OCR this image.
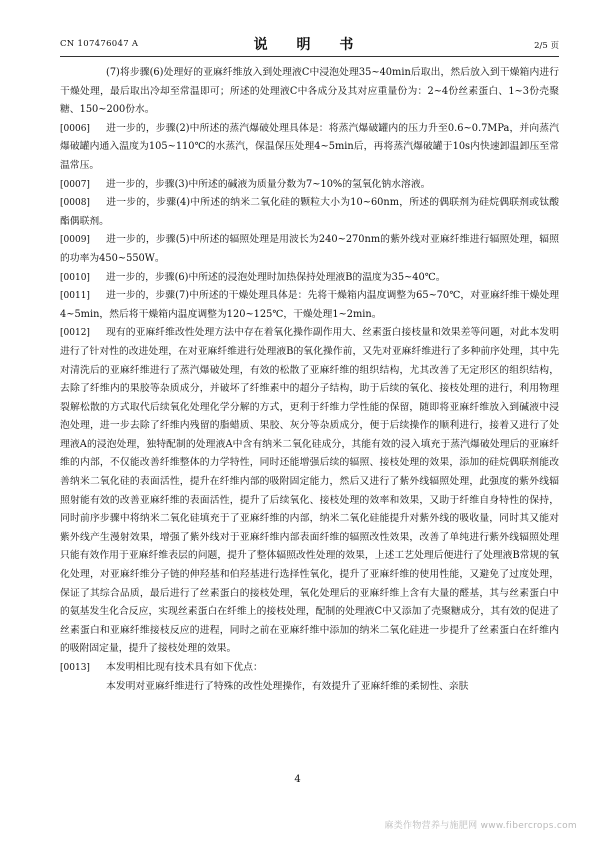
CN 107476047 A	说 明 书	2/5 页

(7)将步骤(6)处理好的亚麻纤维放入到处理液C中浸泡处理35~40min后取出，然后放入到干燥箱内进行干燥处理，最后取出冷却至常温即可；所述的处理液C中各成分及其对应重量份为：2~4份丝素蛋白、1~3份壳聚糖、150~200份水。

[0006] 进一步的，步骤(2)中所述的蒸汽爆破处理具体是：将蒸汽爆破罐内的压力升至0.6~0.7MPa，并向蒸汽爆破罐内通入温度为105~110℃的水蒸汽，保温保压处理4~5min后，再将蒸汽爆破罐于10s内快速卸温卸压至常温常压。

[0007] 进一步的，步骤(3)中所述的碱液为质量分数为7~10%的氢氧化钠水溶液。

[0008] 进一步的，步骤(4)中所述的纳米二氧化硅的颗粒大小为10~60nm，所述的偶联剂为硅烷偶联剂或钛酸酯偶联剂。

[0009] 进一步的，步骤(5)中所述的辐照处理是用波长为240~270nm的紫外线对亚麻纤维进行辐照处理，辐照的功率为450~550W。

[0010] 进一步的，步骤(6)中所述的浸泡处理时加热保持处理液B的温度为35~40℃。

[0011] 进一步的，步骤(7)中所述的干燥处理具体是：先将干燥箱内温度调整为65~70℃，对亚麻纤维干燥处理4~5min，然后将干燥箱内温度调整为120~125℃，干燥处理1~2min。

[0012] 现有的亚麻纤维改性处理方法中存在着氧化操作副作用大、丝素蛋白接枝量和效果差等问题，对此本发明进行了针对性的改进处理，在对亚麻纤维进行处理液B的氧化操作前，又先对亚麻纤维进行了多种前序处理，其中先对清洗后的亚麻纤维进行了蒸汽爆破处理，有效的松散了亚麻纤维的组织结构，尤其改善了无定形区的组织结构，去除了纤维内的果胶等杂质成分，并破坏了纤维素中的超分子结构，助于后续的氧化、接枝处理的进行，利用物理裂解松散的方式取代后续氧化处理化学分解的方式，更利于纤维力学性能的保留，随即将亚麻纤维放入到碱液中浸泡处理，进一步去除了纤维内残留的脂蜡质、果胶、灰分等杂质成分，便于后续操作的顺利进行，接着又进行了处理液A的浸泡处理，独特配制的处理液A中含有纳米二氧化硅成分，其能有效的浸入填充于蒸汽爆破处理后的亚麻纤维的内部，不仅能改善纤维整体的力学特性，同时还能增强后续的辐照、接枝处理的效果，添加的硅烷偶联剂能改善纳米二氧化硅的表面活性，提升在纤维内部的吸附固定能力，然后又进行了紫外线辐照处理，此强度的紫外线辐照射能有效的改善亚麻纤维的表面活性，提升了后续氧化、接枝处理的效率和效果，又助于纤维自身特性的保持，同时前序步骤中将纳米二氧化硅填充于了亚麻纤维的内部，纳米二氧化硅能提升对紫外线的吸收量，同时其又能对紫外线产生漫射效果，增强了紫外线对于亚麻纤维内部表面纤维的辐照改性效果，改善了单纯进行紫外线辐照处理只能有效作用于亚麻纤维表层的问题，提升了整体辐照改性处理的效果，上述工艺处理后便进行了处理液B常规的氧化处理，对亚麻纤维分子链的伸羟基和伯羟基进行选择性氧化，提升了亚麻纤维的使用性能，又避免了过度处理，保证了其综合品质，最后进行了丝素蛋白的接枝处理，氧化处理后的亚麻纤维上含有大量的醛基，其与丝素蛋白中的氨基发生化合反应，实现丝素蛋白在纤维上的接枝处理，配制的处理液C中又添加了壳聚糖成分，其有效的促进了丝素蛋白和亚麻纤维接枝反应的进程，同时之前在亚麻纤维中添加的纳米二氧化硅进一步提升了丝素蛋白在纤维内的吸附固定量，提升了接枝处理的效果。

[0013] 本发明相比现有技术具有如下优点：

本发明对亚麻纤维进行了特殊的改性处理操作，有效提升了亚麻纤维的柔韧性、亲肤

4
麻类作物营养与施肥网 www.fibercrops.com
